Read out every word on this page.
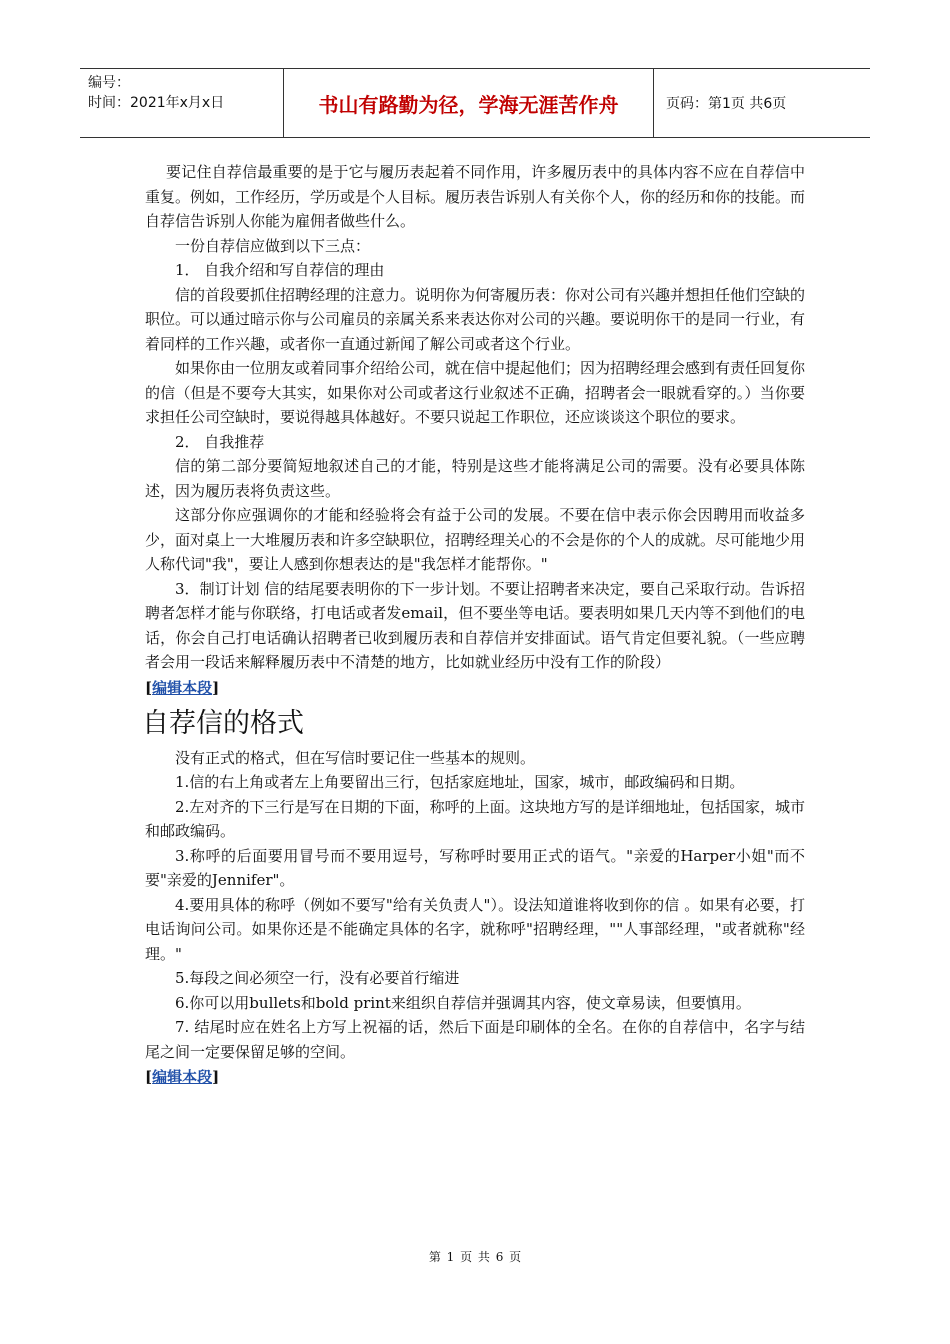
编号：
时间：2021年x月x日	书山有路勤为径，学海无涯苦作舟	页码：第1页 共6页

要记住自荐信最重要的是于它与履历表起着不同作用，许多履历表中的具体内容不应在自荐信中重复。例如，工作经历，学历或是个人目标。履历表告诉别人有关你个人，你的经历和你的技能。而自荐信告诉别人你能为雇佣者做些什么。

一份自荐信应做到以下三点：

1． 自我介绍和写自荐信的理由

信的首段要抓住招聘经理的注意力。说明你为何寄履历表：你对公司有兴趣并想担任他们空缺的职位。可以通过暗示你与公司雇员的亲属关系来表达你对公司的兴趣。要说明你干的是同一行业，有着同样的工作兴趣，或者你一直通过新闻了解公司或者这个行业。

如果你由一位朋友或着同事介绍给公司，就在信中提起他们；因为招聘经理会感到有责任回复你的信（但是不要夸大其实，如果你对公司或者这行业叙述不正确，招聘者会一眼就看穿的。）当你要求担任公司空缺时，要说得越具体越好。不要只说起工作职位，还应谈谈这个职位的要求。

2． 自我推荐

信的第二部分要简短地叙述自己的才能，特别是这些才能将满足公司的需要。没有必要具体陈述，因为履历表将负责这些。

这部分你应强调你的才能和经验将会有益于公司的发展。不要在信中表示你会因聘用而收益多少，面对桌上一大堆履历表和许多空缺职位，招聘经理关心的不会是你的个人的成就。尽可能地少用人称代词"我"，要让人感到你想表达的是"我怎样才能帮你。"

3．制订计划 信的结尾要表明你的下一步计划。不要让招聘者来决定，要自己采取行动。告诉招聘者怎样才能与你联络，打电话或者发email，但不要坐等电话。要表明如果几天内等不到他们的电话，你会自己打电话确认招聘者已收到履历表和自荐信并安排面试。语气肯定但要礼貌。（一些应聘者会用一段话来解释履历表中不清楚的地方，比如就业经历中没有工作的阶段）

[编辑本段]
自荐信的格式

没有正式的格式，但在写信时要记住一些基本的规则。

1.信的右上角或者左上角要留出三行，包括家庭地址，国家，城市，邮政编码和日期。

2.左对齐的下三行是写在日期的下面，称呼的上面。这块地方写的是详细地址，包括国家，城市和邮政编码。

3.称呼的后面要用冒号而不要用逗号，写称呼时要用正式的语气。"亲爱的Harper小姐"而不要"亲爱的Jennifer"。

4.要用具体的称呼（例如不要写"给有关负责人"）。设法知道谁将收到你的信 。如果有必要，打电话询问公司。如果你还是不能确定具体的名字，就称呼"招聘经理，""人事部经理，"或者就称"经理。"

5.每段之间必须空一行，没有必要首行缩进

6.你可以用bullets和bold print来组织自荐信并强调其内容，使文章易读，但要慎用。

7. 结尾时应在姓名上方写上祝福的话，然后下面是印刷体的全名。在你的自荐信中，名字与结尾之间一定要保留足够的空间。

[编辑本段]
第 1 页 共 6 页
